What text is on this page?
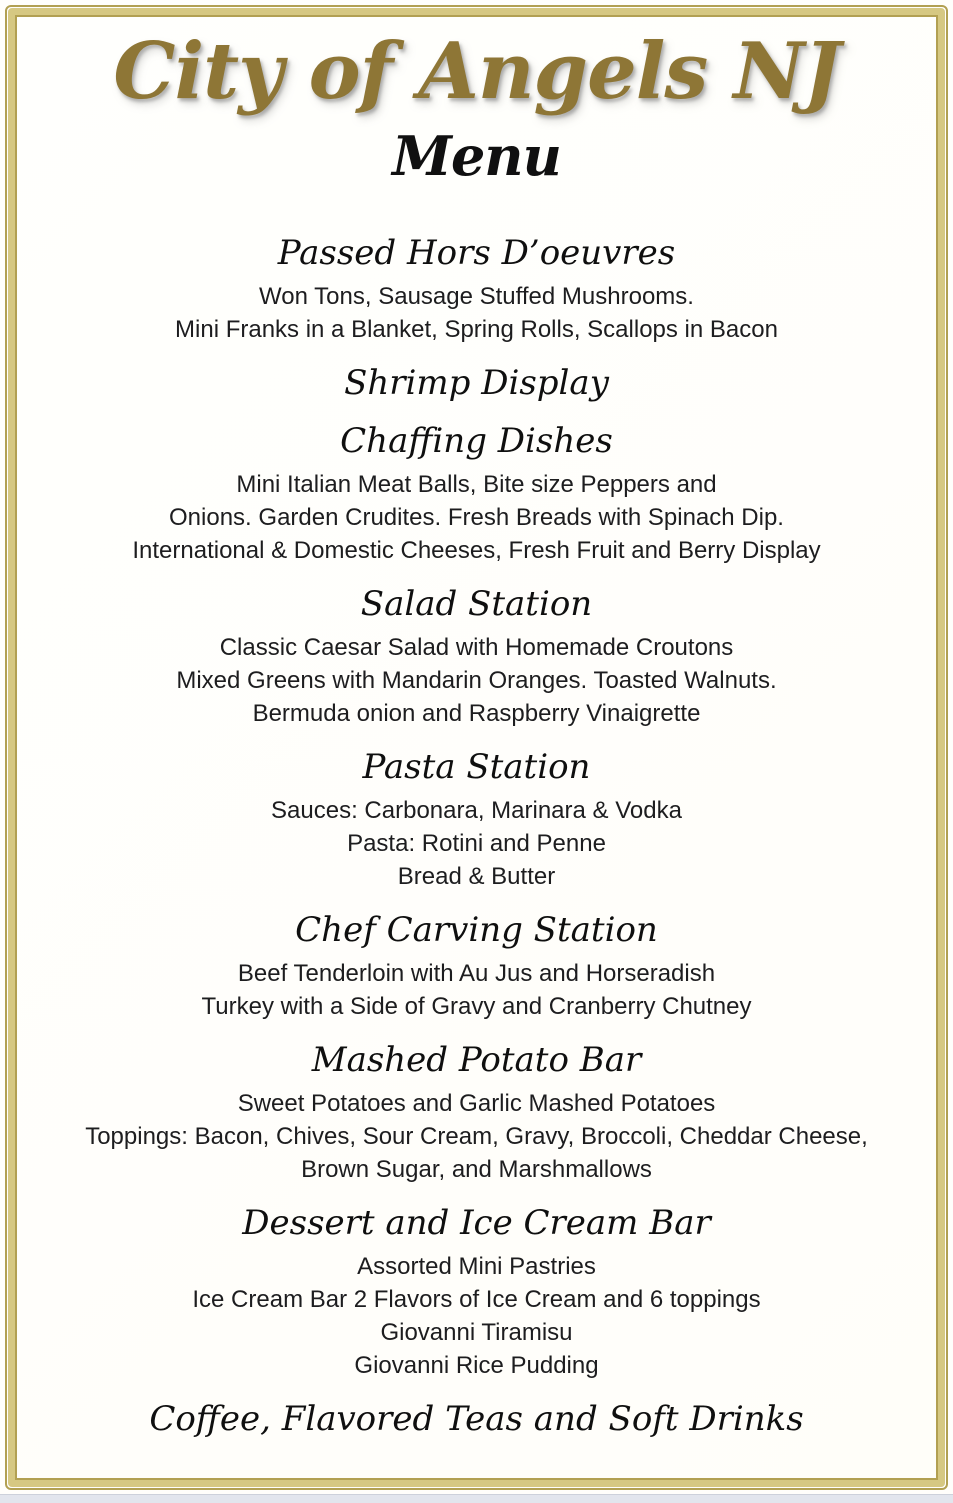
City of Angels NJ
Menu
Passed Hors D’oeuvres
Won Tons, Sausage Stuffed Mushrooms.
Mini Franks in a Blanket, Spring Rolls, Scallops in Bacon
Shrimp Display
Chaffing Dishes
Mini Italian Meat Balls, Bite size Peppers and
Onions. Garden Crudites. Fresh Breads with Spinach Dip.
International & Domestic Cheeses, Fresh Fruit and Berry Display
Salad Station
Classic Caesar Salad with Homemade Croutons
Mixed Greens with Mandarin Oranges. Toasted Walnuts.
Bermuda onion and Raspberry Vinaigrette
Pasta Station
Sauces: Carbonara, Marinara & Vodka
Pasta: Rotini and Penne
Bread & Butter
Chef Carving Station
Beef Tenderloin with Au Jus and Horseradish
Turkey with a Side of Gravy and Cranberry Chutney
Mashed Potato Bar
Sweet Potatoes and Garlic Mashed Potatoes
Toppings: Bacon, Chives, Sour Cream, Gravy, Broccoli, Cheddar Cheese,
Brown Sugar, and Marshmallows
Dessert and Ice Cream Bar
Assorted Mini Pastries
Ice Cream Bar 2 Flavors of Ice Cream and 6 toppings
Giovanni Tiramisu
Giovanni Rice Pudding
Coffee, Flavored Teas and Soft Drinks
